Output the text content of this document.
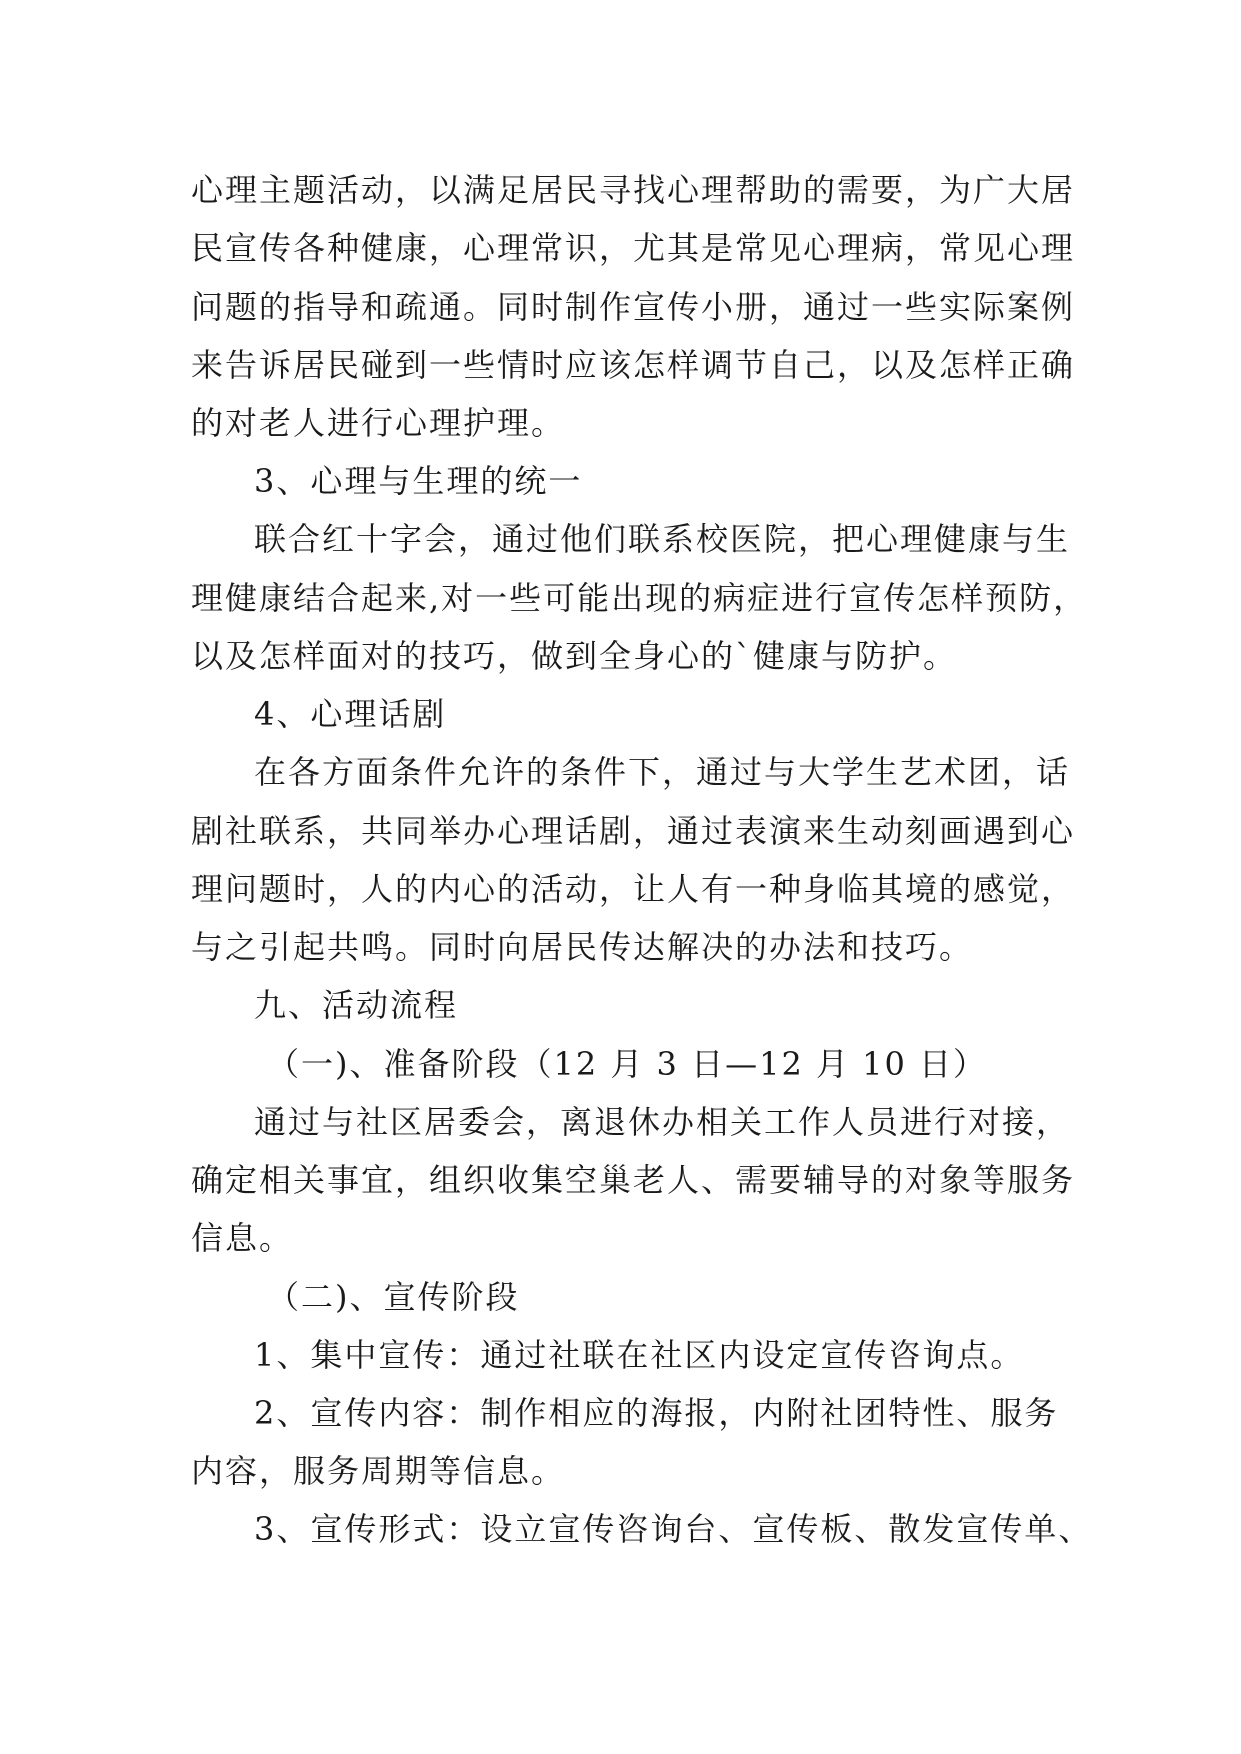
心理主题活动，以满足居民寻找心理帮助的需要，为广大居

民宣传各种健康，心理常识，尤其是常见心理病，常见心理

问题的指导和疏通。同时制作宣传小册，通过一些实际案例

来告诉居民碰到一些情时应该怎样调节自己，以及怎样正确

的对老人进行心理护理。

3、心理与生理的统一

联合红十字会，通过他们联系校医院，把心理健康与生

理健康结合起来,对一些可能出现的病症进行宣传怎样预防，

以及怎样面对的技巧，做到全身心的`健康与防护。

4、心理话剧

在各方面条件允许的条件下，通过与大学生艺术团，话

剧社联系，共同举办心理话剧，通过表演来生动刻画遇到心

理问题时，人的内心的活动，让人有一种身临其境的感觉，

与之引起共鸣。同时向居民传达解决的办法和技巧。

九、活动流程

（一)、准备阶段（12 月 3 日—12 月 10 日）

通过与社区居委会，离退休办相关工作人员进行对接，

确定相关事宜，组织收集空巢老人、需要辅导的对象等服务

信息。

（二)、宣传阶段

1、集中宣传：通过社联在社区内设定宣传咨询点。

2、宣传内容：制作相应的海报，内附社团特性、服务

内容，服务周期等信息。

3、宣传形式：设立宣传咨询台、宣传板、散发宣传单、
